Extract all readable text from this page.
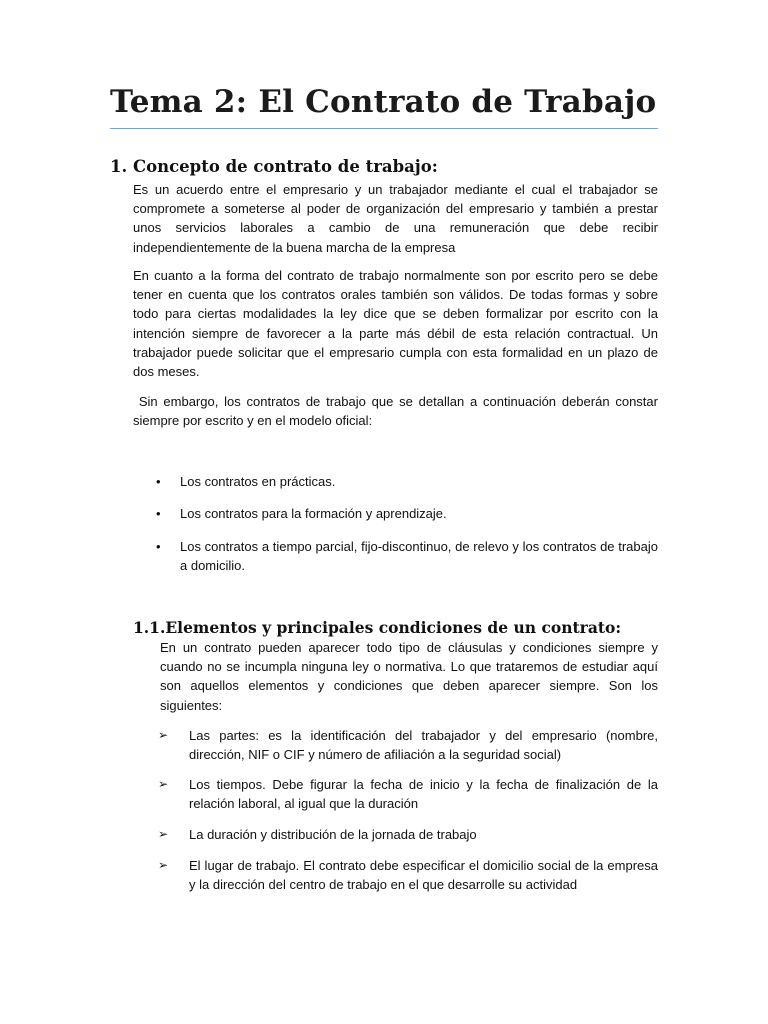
Tema 2: El Contrato de Trabajo
1. Concepto de contrato de trabajo:

Es un acuerdo entre el empresario y un trabajador mediante el cual el trabajador se compromete a someterse al poder de organización del empresario y también a prestar unos servicios laborales a cambio de una remuneración que debe recibir independientemente de la buena marcha de la empresa

En cuanto a la forma del contrato de trabajo normalmente son por escrito pero se debe tener en cuenta que los contratos orales también son válidos. De todas formas y sobre todo para ciertas modalidades la ley dice que se deben formalizar por escrito con la intención siempre de favorecer a la parte más débil de esta relación contractual. Un trabajador puede solicitar que el empresario cumpla con esta formalidad en un plazo de dos meses.

Sin embargo, los contratos de trabajo que se detallan a continuación deberán constar siempre por escrito y en el modelo oficial:

• Los contratos en prácticas.
• Los contratos para la formación y aprendizaje.
• Los contratos a tiempo parcial, fijo-discontinuo, de relevo y los contratos de trabajo a domicilio.
1.1.Elementos y principales condiciones de un contrato:

En un contrato pueden aparecer todo tipo de cláusulas y condiciones siempre y cuando no se incumpla ninguna ley o normativa. Lo que trataremos de estudiar aquí son aquellos elementos y condiciones que deben aparecer siempre. Son los siguientes:

➢ Las partes: es la identificación del trabajador y del empresario (nombre, dirección, NIF o CIF y número de afiliación a la seguridad social)
➢ Los tiempos. Debe figurar la fecha de inicio y la fecha de finalización de la relación laboral, al igual que la duración
➢ La duración y distribución de la jornada de trabajo
➢ El lugar de trabajo. El contrato debe especificar el domicilio social de la empresa y la dirección del centro de trabajo en el que desarrolle su actividad
